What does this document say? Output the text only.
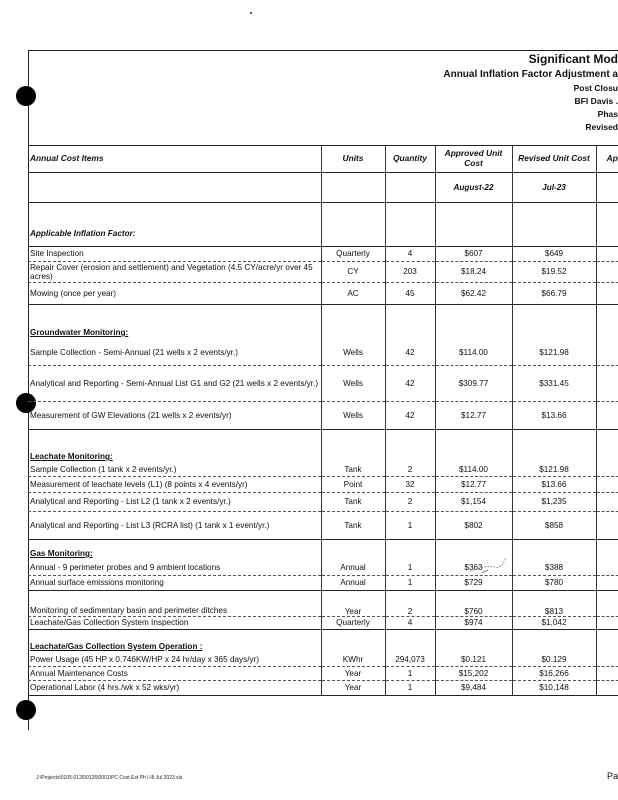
Significant Mod
Annual Inflation Factor Adjustment a
Post Closu
BFI Davis .
Phas
Revised
Annual Cost Items	Units	Quantity	Approved Unit Cost	Revised Unit Cost	Ap
			August-22	Jul-23	
Applicable Inflation Factor:					
Site Inspection	Quarterly	4	$607	$649	
Repair Cover (erosion and settlement) and Vegetation (4.5 CY/acre/yr over 45 acres)	CY	203	$18.24	$19.52	
Mowing (once per year)	AC	45	$62.42	$66.79	
Groundwater Monitoring:					
Sample Collection - Semi-Annual (21 wells x 2 events/yr.)	Wells	42	$114.00	$121.98	
Analytical and Reporting - Semi-Annual List G1 and G2 (21 wells x 2 events/yr.)	Wells	42	$309.77	$331.45	
Measurement of GW Elevations (21 wells x 2 events/yr)	Wells	42	$12.77	$13.66	
Leachate Monitoring:					
Sample Collection (1 tank x 2 events/yr.)	Tank	2	$114.00	$121.98	
Measurement of leachate levels (L1) (8 points x 4 events/yr)	Point	32	$12.77	$13.66	
Analytical and Reporting - List L2 (1 tank x 2 events/yr.)	Tank	2	$1,154	$1,235	
Analytical and Reporting - List L3 (RCRA list) (1 tank x 1 event/yr.)	Tank	1	$802	$858	
Gas Monitoring:					
Annual - 9 perimeter probes and 9 ambient locations	Annual	1	$363	$388	
Annual surface emissions monitoring	Annual	1	$729	$780	
Monitoring of sedimentary basin and perimeter ditches	Year	2	$760	$813	
Leachate/Gas Collection System Inspection	Quarterly	4	$974	$1,042	
Leachate/Gas Collection System Operation :					
Power Usage (45 HP x 0.746KW/HP x 24 hr/day x 365 days/yr)	KWhr	294,073	$0.121	$0.129	
Annual Maintenance Costs	Year	1	$15,202	$16,266	
Operational Labor (4 hrs./wk x 52 wks/yr)	Year	1	$9,484	$10,148	
J:\Projects\0105-0126\0126\0001\PC Cost Est Ph I-III Jul 2023.xls	Pa
